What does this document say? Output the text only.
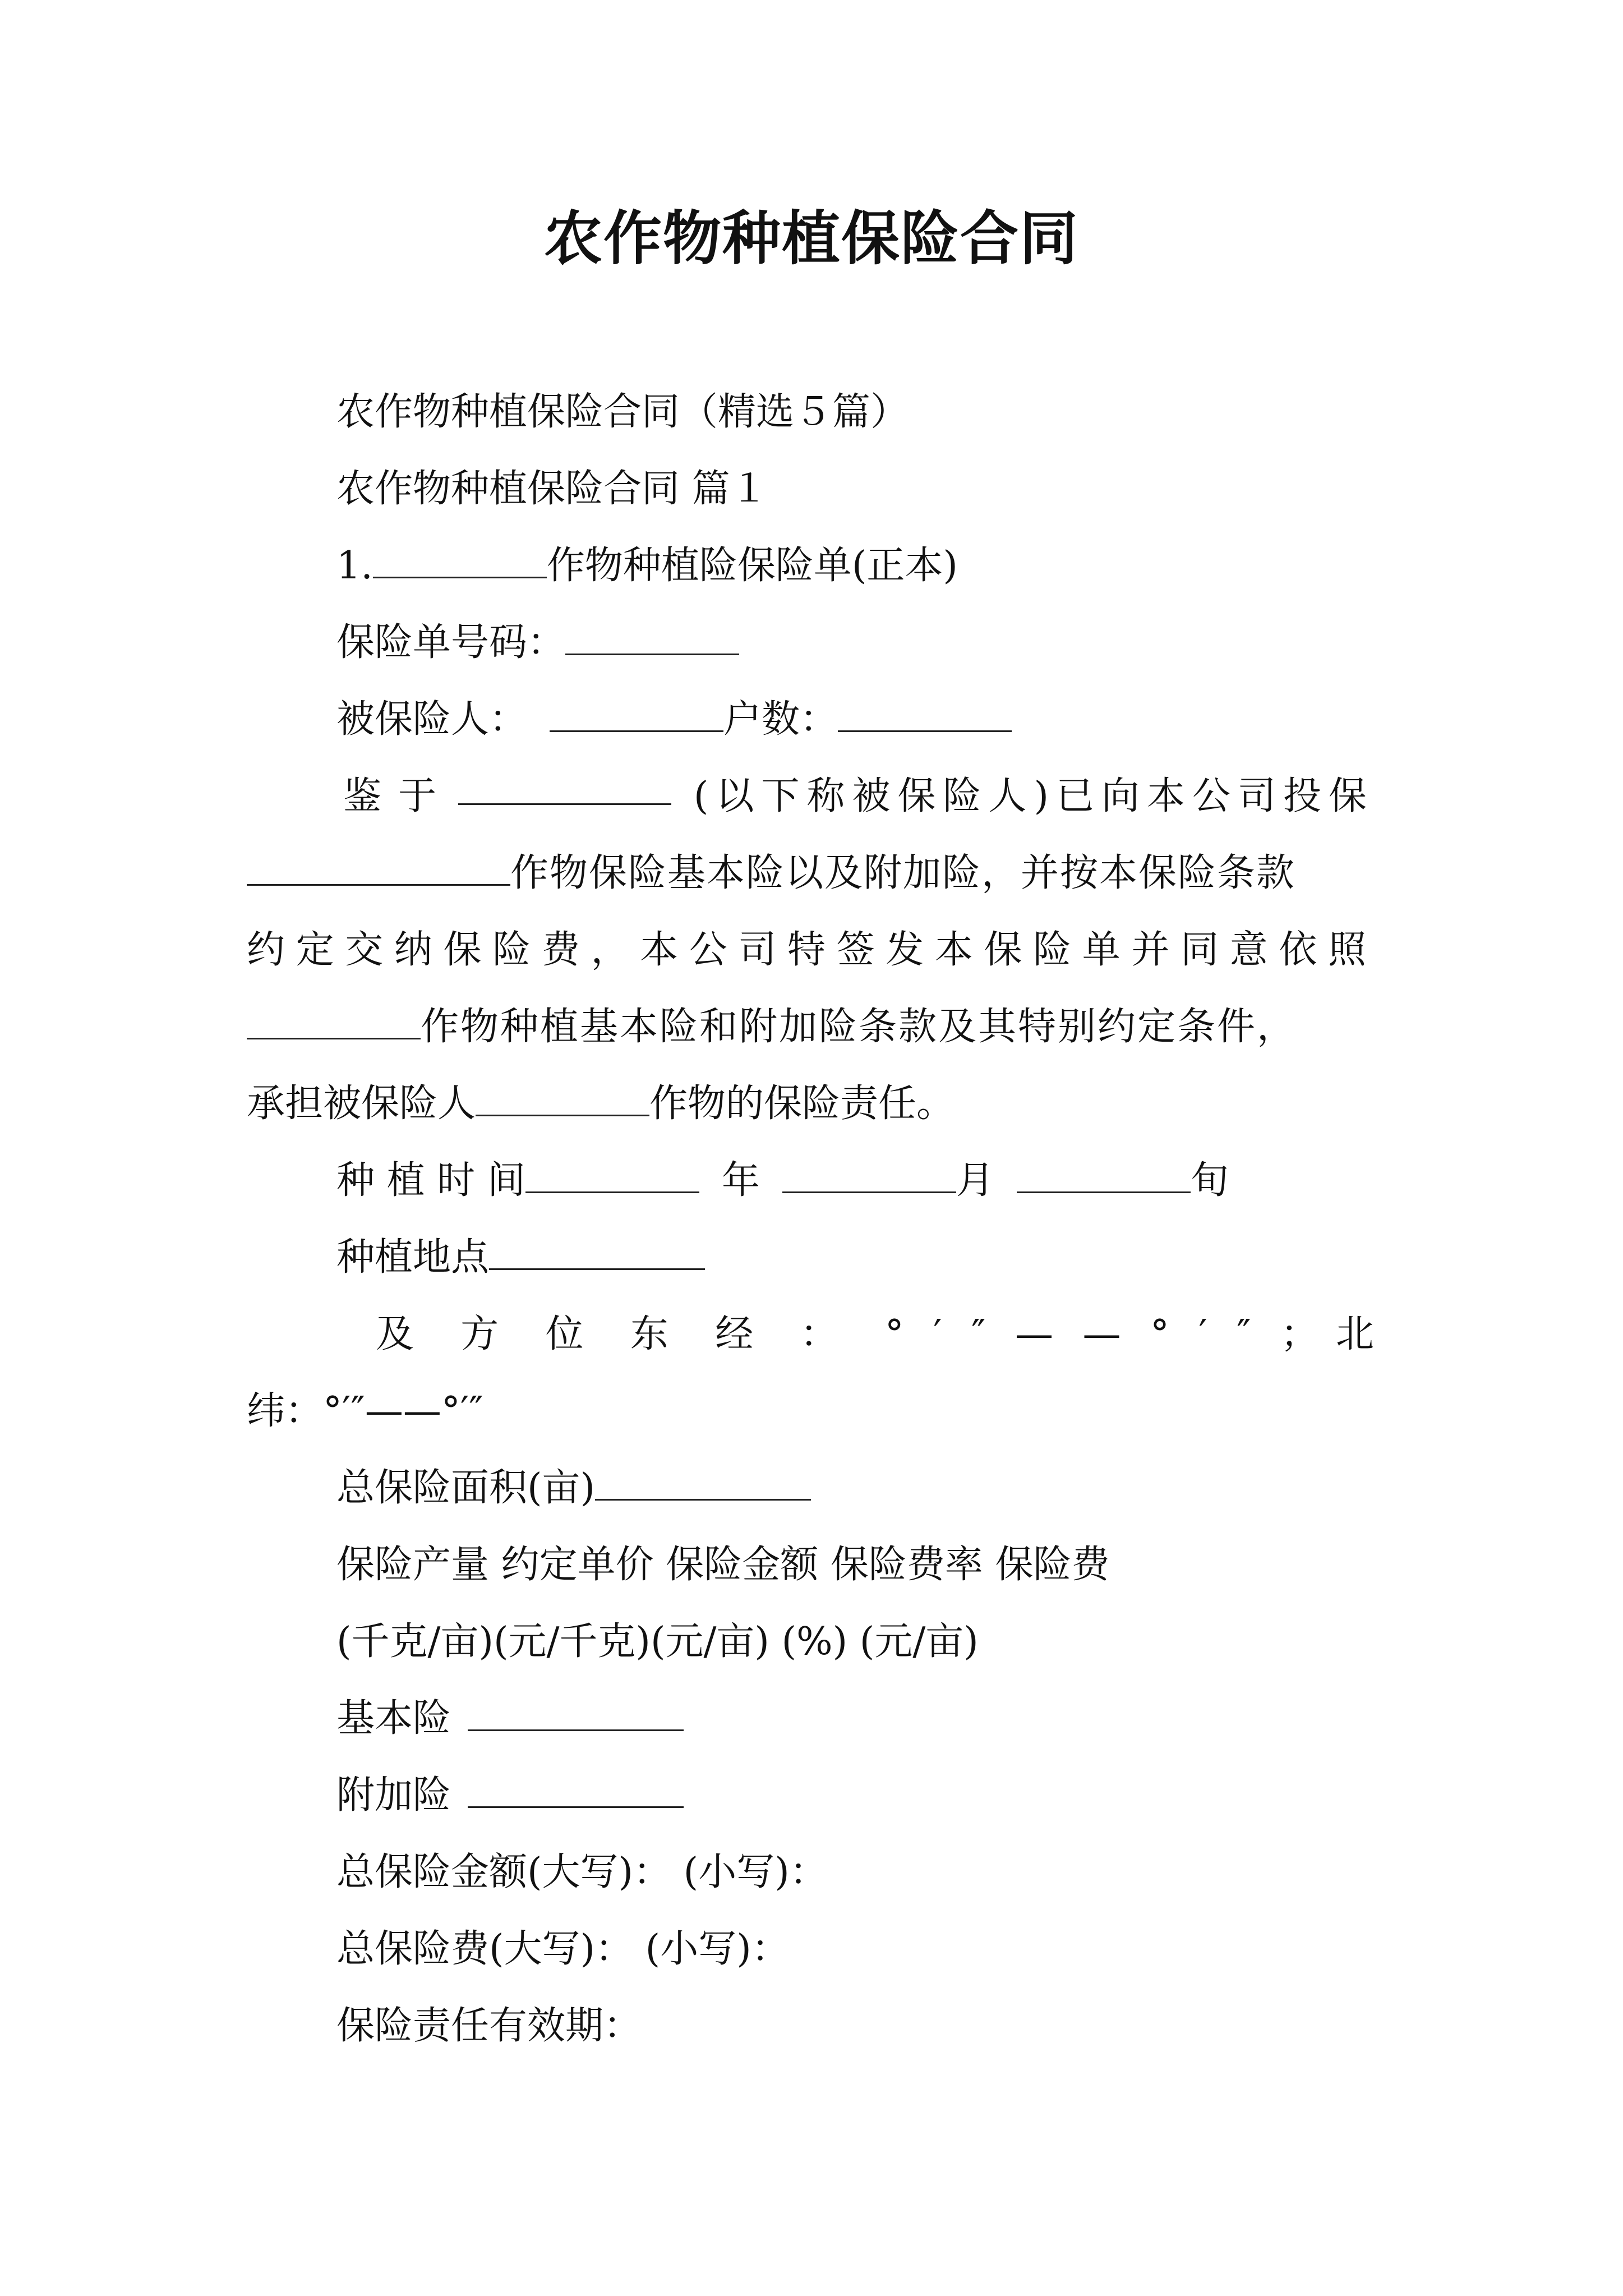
农作物种植保险合同
农作物种植保险合同（精选５篇）
农作物种植保险合同 篇１
1.	作物种植险保险单(正本)
保险单号码：
被保险人：	户数：
鉴于	(以下称被保险人)已向本公司投保
作物保险基本险以及附加险，并按本保险条款
约定交纳保险费，本公司特签发本保险单并同意依照
作物种植基本险和附加险条款及其特别约定条件，
承担被保险人	作物的保险责任。
种 植 时 间	年	月	旬
种植地点
及 方 位 东 经 ： ° ′ ″ — — ° ′ ″ ；北
纬：°′″——°′″
总保险面积(亩)
保险产量 约定单价 保险金额 保险费率 保险费
(千克/亩)(元/千克)(元/亩) (%) (元/亩)
基本险
附加险
总保险金额(大写)： (小写)：
总保险费(大写)： (小写)：
保险责任有效期：
